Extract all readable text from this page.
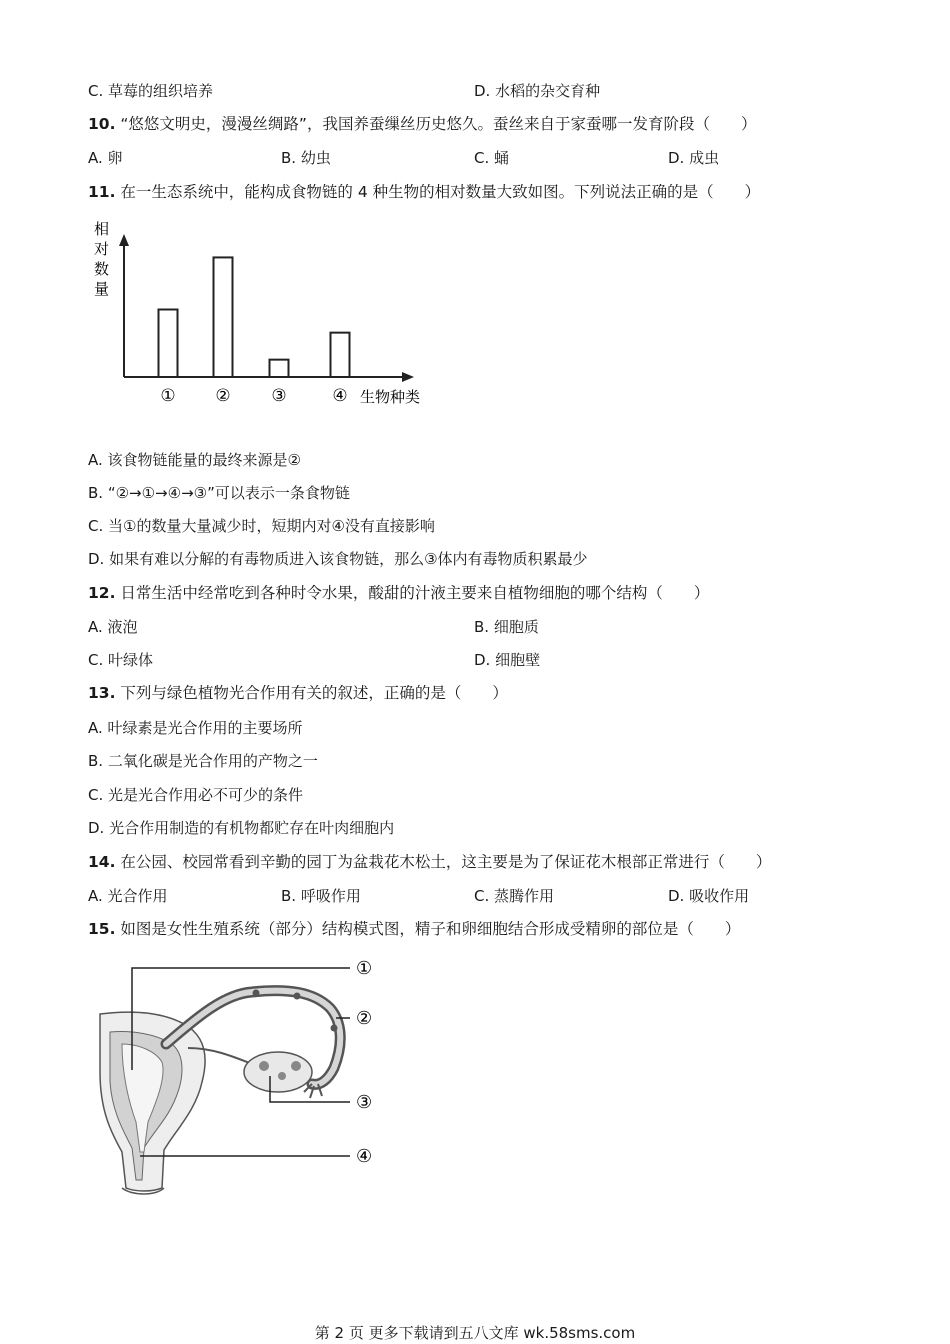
C. 草莓的组织培养	D. 水稻的杂交育种
10. “悠悠文明史，漫漫丝绸路”，我国养蚕缫丝历史悠久。蚕丝来自于家蚕哪一发育阶段（　　）
A. 卵	B. 幼虫	C. 蛹	D. 成虫
11. 在一生态系统中，能构成食物链的 4 种生物的相对数量大致如图。下列说法正确的是（　　）
相
对
数
量
① ② ③	④ 生物种类
A. 该食物链能量的最终来源是②
B. “②→①→④→③”可以表示一条食物链
C. 当①的数量大量减少时，短期内对④没有直接影响
D. 如果有难以分解的有毒物质进入该食物链，那么③体内有毒物质积累最少
12. 日常生活中经常吃到各种时令水果，酸甜的汁液主要来自植物细胞的哪个结构（　　）
A. 液泡	B. 细胞质
C. 叶绿体	D. 细胞壁
13. 下列与绿色植物光合作用有关的叙述，正确的是（　　）
A. 叶绿素是光合作用的主要场所
B. 二氧化碳是光合作用的产物之一
C. 光是光合作用必不可少的条件
D. 光合作用制造的有机物都贮存在叶肉细胞内
14. 在公园、校园常看到辛勤的园丁为盆栽花木松土，这主要是为了保证花木根部正常进行（　　）
A. 光合作用	B. 呼吸作用	C. 蒸腾作用	D. 吸收作用
15. 如图是女性生殖系统（部分）结构模式图，精子和卵细胞结合形成受精卵的部位是（　　）
①
②
③
④
第 2 页 更多下载请到五八文库 wk.58sms.com
